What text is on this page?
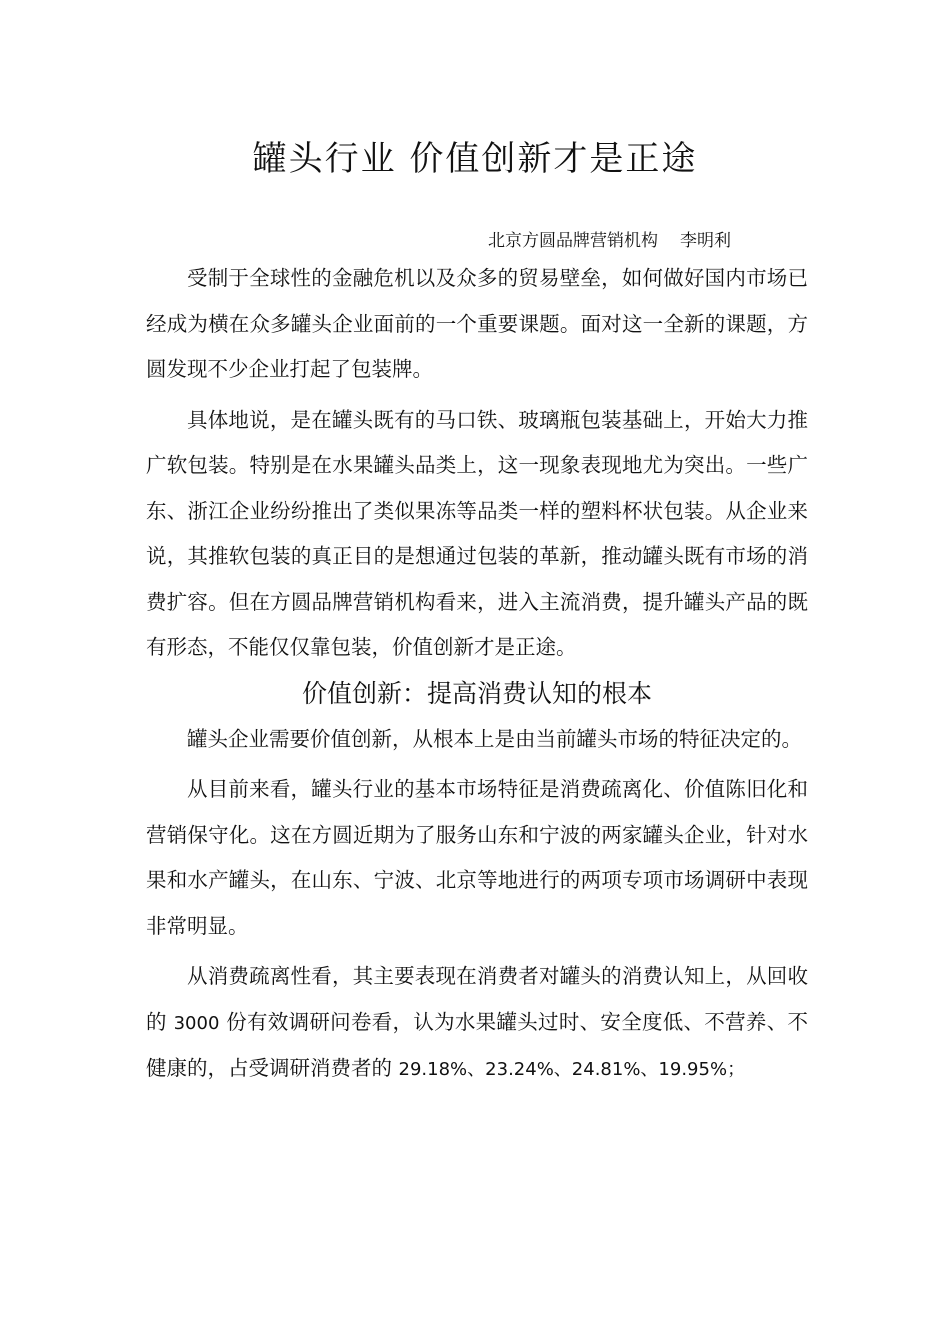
罐头行业 价值创新才是正途
北京方圆品牌营销机构 李明利

受制于全球性的金融危机以及众多的贸易壁垒，如何做好国内市场已经成为横在众多罐头企业面前的一个重要课题。面对这一全新的课题，方圆发现不少企业打起了包装牌。

具体地说，是在罐头既有的马口铁、玻璃瓶包装基础上，开始大力推广软包装。特别是在水果罐头品类上，这一现象表现地尤为突出。一些广东、浙江企业纷纷推出了类似果冻等品类一样的塑料杯状包装。从企业来说，其推软包装的真正目的是想通过包装的革新，推动罐头既有市场的消费扩容。但在方圆品牌营销机构看来，进入主流消费，提升罐头产品的既有形态，不能仅仅靠包装，价值创新才是正途。

价值创新：提高消费认知的根本

罐头企业需要价值创新，从根本上是由当前罐头市场的特征决定的。

从目前来看，罐头行业的基本市场特征是消费疏离化、价值陈旧化和营销保守化。这在方圆近期为了服务山东和宁波的两家罐头企业，针对水果和水产罐头，在山东、宁波、北京等地进行的两项专项市场调研中表现非常明显。

从消费疏离性看，其主要表现在消费者对罐头的消费认知上，从回收的 3000 份有效调研问卷看，认为水果罐头过时、安全度低、不营养、不健康的，占受调研消费者的 29.18%、23.24%、24.81%、19.95%；
